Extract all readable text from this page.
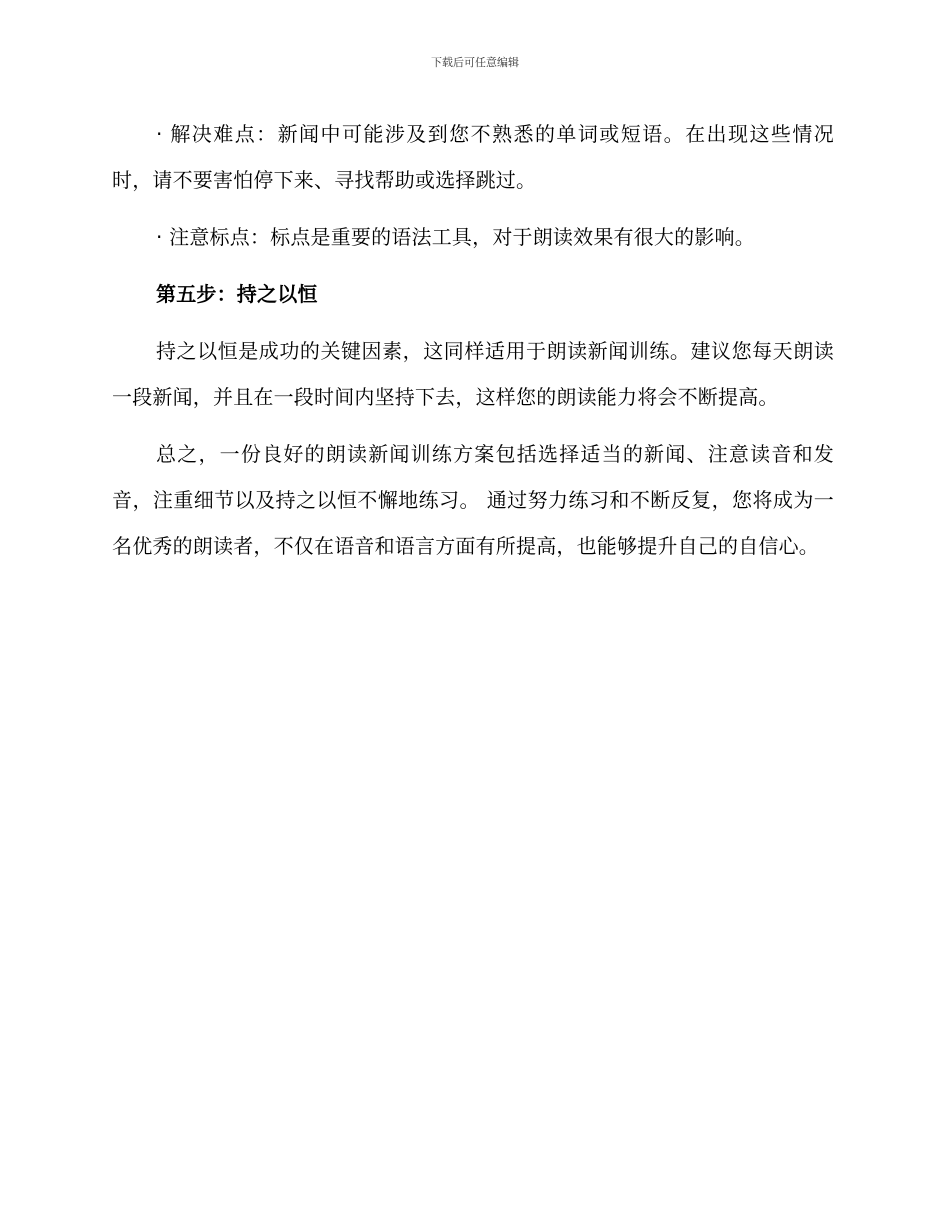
下载后可任意编辑

· 解决难点：新闻中可能涉及到您不熟悉的单词或短语。在出现这些情况时，请不要害怕停下来、寻找帮助或选择跳过。

· 注意标点：标点是重要的语法工具，对于朗读效果有很大的影响。

第五步：持之以恒

持之以恒是成功的关键因素，这同样适用于朗读新闻训练。建议您每天朗读一段新闻，并且在一段时间内坚持下去，这样您的朗读能力将会不断提高。

总之，一份良好的朗读新闻训练方案包括选择适当的新闻、注意读音和发音，注重细节以及持之以恒不懈地练习。 通过努力练习和不断反复，您将成为一名优秀的朗读者，不仅在语音和语言方面有所提高，也能够提升自己的自信心。
